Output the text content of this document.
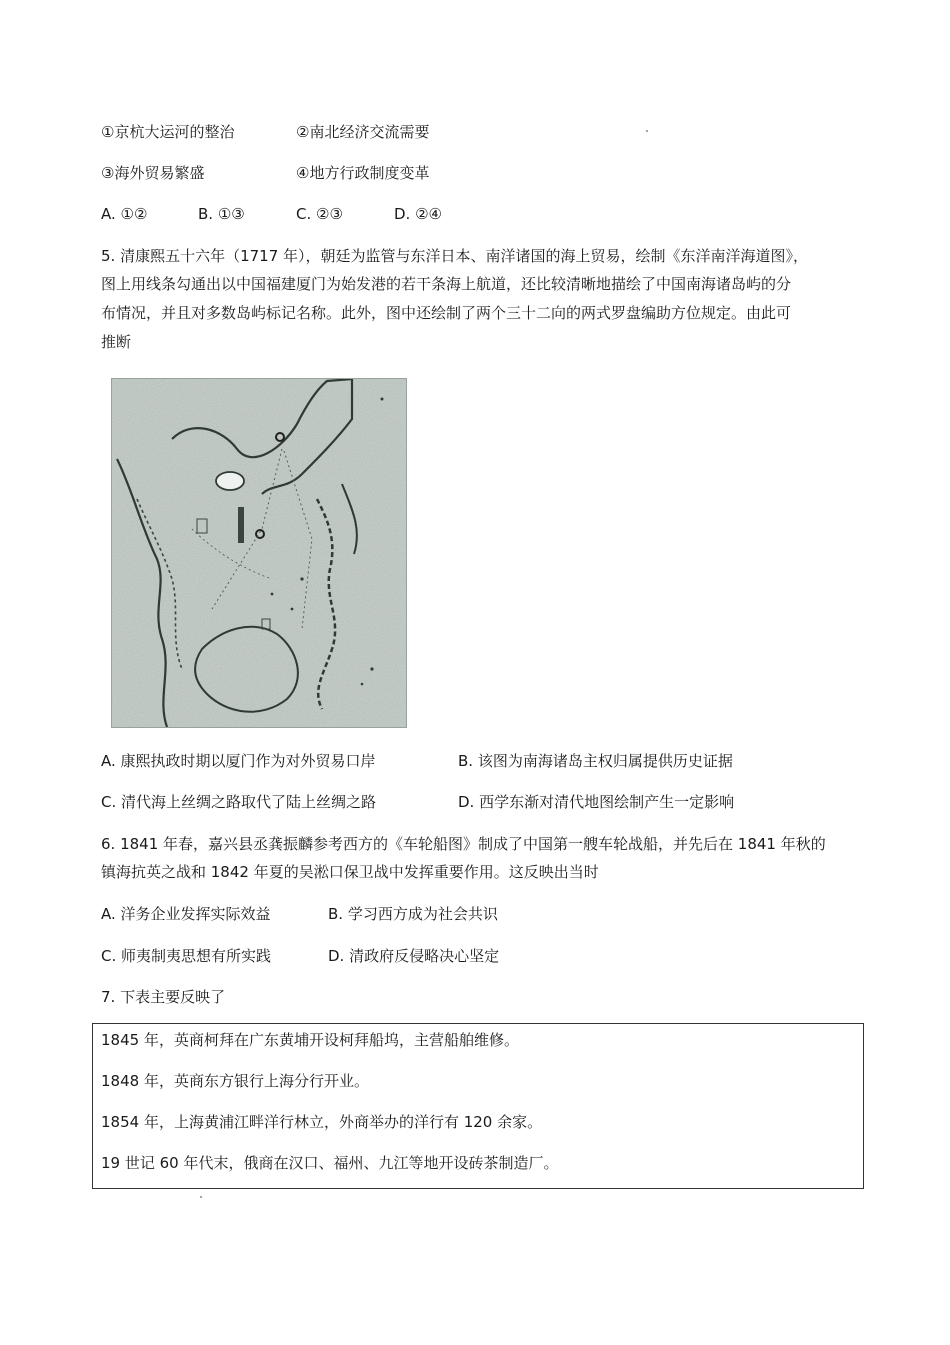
①京杭大运河的整治	②南北经济交流需要
③海外贸易繁盛	④地方行政制度变革
A. ①②	B. ①③	C. ②③	D. ②④
5. 清康熙五十六年（1717 年），朝廷为监管与东洋日本、南洋诸国的海上贸易，绘制《东洋南洋海道图》，
图上用线条勾通出以中国福建厦门为始发港的若干条海上航道，还比较清晰地描绘了中国南海诸岛屿的分
布情况，并且对多数岛屿标记名称。此外，图中还绘制了两个三十二向的两式罗盘编助方位规定。由此可
推断
A. 康熙执政时期以厦门作为对外贸易口岸	B. 该图为南海诸岛主权归属提供历史证据
C. 清代海上丝绸之路取代了陆上丝绸之路	D. 西学东渐对清代地图绘制产生一定影响
6. 1841 年春，嘉兴县丞龚振麟参考西方的《车轮船图》制成了中国第一艘车轮战船，并先后在 1841 年秋的
镇海抗英之战和 1842 年夏的吴淞口保卫战中发挥重要作用。这反映出当时
A. 洋务企业发挥实际效益	B. 学习西方成为社会共识
C. 师夷制夷思想有所实践	D. 清政府反侵略决心坚定
7. 下表主要反映了
1845 年，英商柯拜在广东黄埔开设柯拜船坞，主营船舶维修。
1848 年，英商东方银行上海分行开业。
1854 年，上海黄浦江畔洋行林立，外商举办的洋行有 120 余家。
19 世记 60 年代末，俄商在汉口、福州、九江等地开设砖茶制造厂。
